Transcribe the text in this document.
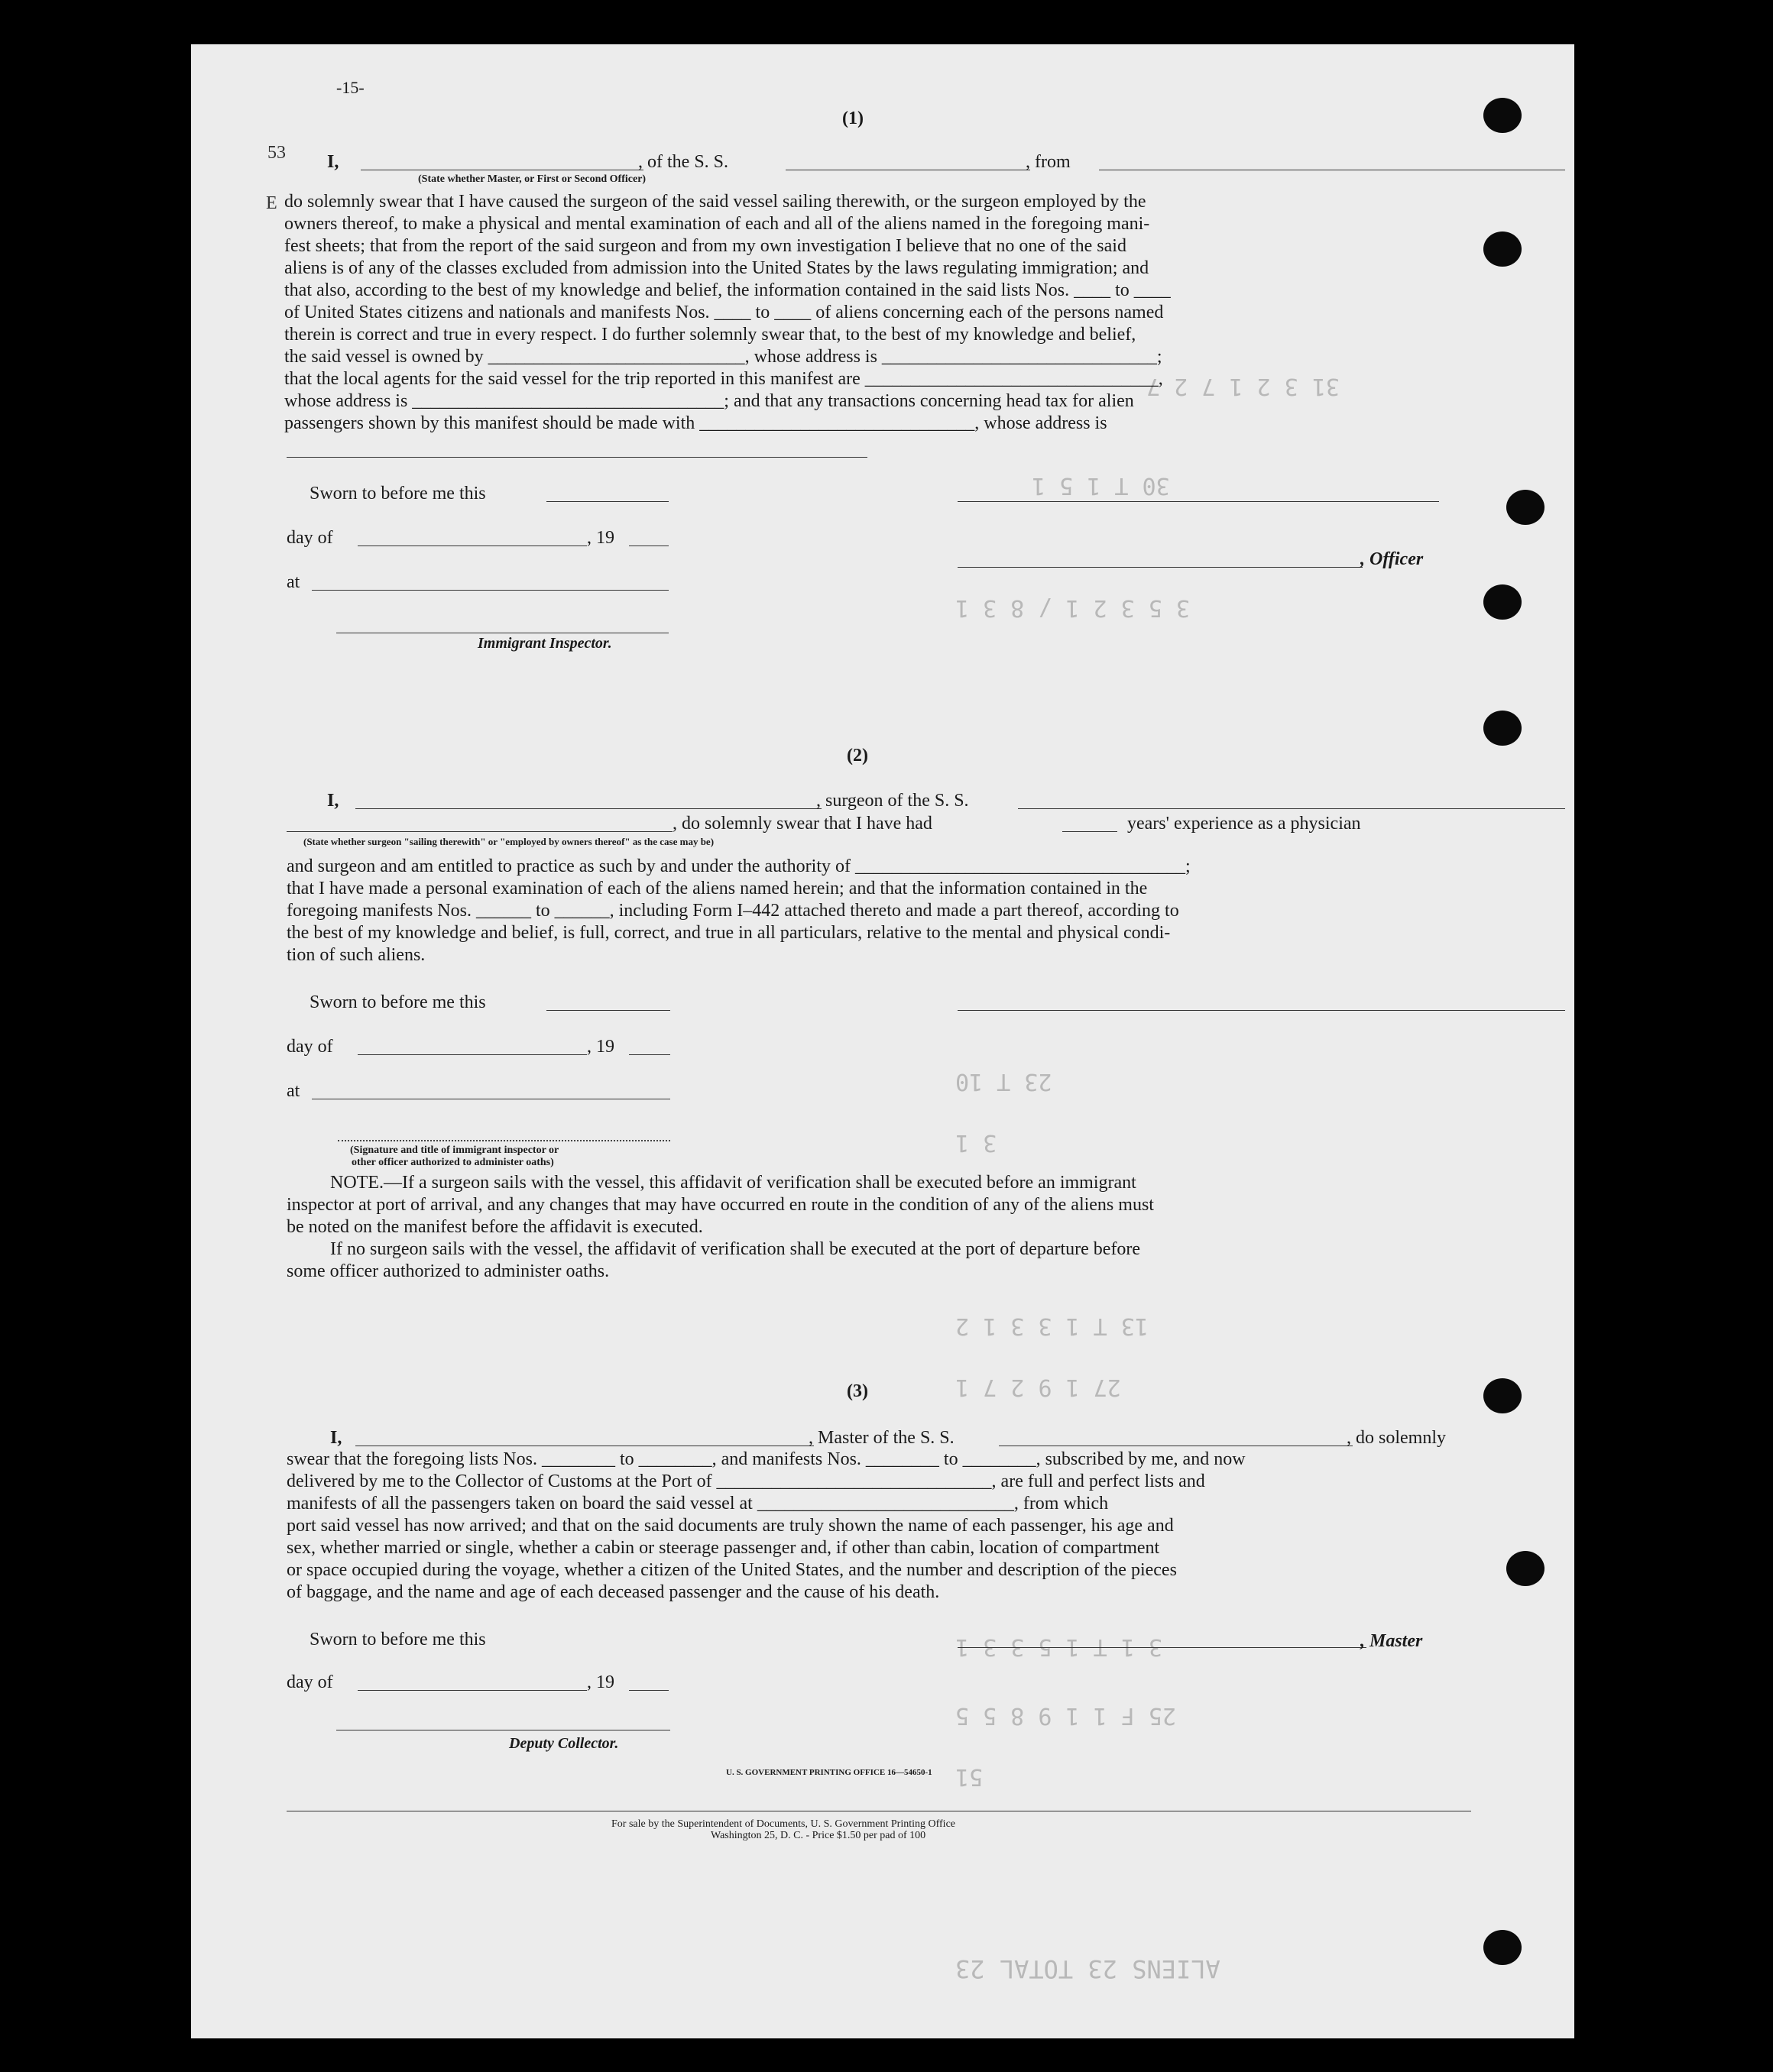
-15-
53
E
31 3 2 1 7 2 7
30 T 1 5 1
3 5 3 2 1 / 8 3 1
23 T 10
3 1
13 T 1 3 3 1 2
27 1 9 2 7 1
3 1 T 1 5 3 3 1
25 F 1 1 9 8 5 5
51
(1)
I,
(State whether Master, or First or Second Officer)
, of the S. S.	, from
do solemnly swear that I have caused the surgeon of the said vessel sailing therewith, or the surgeon employed by the
owners thereof, to make a physical and mental examination of each and all of the aliens named in the foregoing mani-
fest sheets; that from the report of the said surgeon and from my own investigation I believe that no one of the said
aliens is of any of the classes excluded from admission into the United States by the laws regulating immigration; and
that also, according to the best of my knowledge and belief, the information contained in the said lists Nos. ____ to ____
of United States citizens and nationals and manifests Nos. ____ to ____ of aliens concerning each of the persons named
therein is correct and true in every respect. I do further solemnly swear that, to the best of my knowledge and belief,
the said vessel is owned by ____________________________, whose address is ______________________________;
that the local agents for the said vessel for the trip reported in this manifest are ________________________________,
whose address is __________________________________; and that any transactions concerning head tax for alien
passengers shown by this manifest should be made with ______________________________, whose address is
Sworn to before me this
day of	, 19
, Officer
at
Immigrant Inspector.
(2)
I,	, surgeon of the S. S.
, do solemnly swear that I have had	years' experience as a physician
(State whether surgeon "sailing therewith" or "employed by owners thereof" as the case may be)
and surgeon and am entitled to practice as such by and under the authority of ____________________________________;
that I have made a personal examination of each of the aliens named herein; and that the information contained in the
foregoing manifests Nos. ______ to ______, including Form I–442 attached thereto and made a part thereof, according to
the best of my knowledge and belief, is full, correct, and true in all particulars, relative to the mental and physical condi-
tion of such aliens.
Sworn to before me this
day of	, 19
at
(Signature and title of immigrant inspector or
other officer authorized to administer oaths)
NOTE.—If a surgeon sails with the vessel, this affidavit of verification shall be executed before an immigrant
inspector at port of arrival, and any changes that may have occurred en route in the condition of any of the aliens must
be noted on the manifest before the affidavit is executed.
If no surgeon sails with the vessel, the affidavit of verification shall be executed at the port of departure before
some officer authorized to administer oaths.
(3)
I,	, Master of the S. S.	, do solemnly
swear that the foregoing lists Nos. ________ to ________, and manifests Nos. ________ to ________, subscribed by me, and now
delivered by me to the Collector of Customs at the Port of ______________________________, are full and perfect lists and
manifests of all the passengers taken on board the said vessel at ____________________________, from which
port said vessel has now arrived; and that on the said documents are truly shown the name of each passenger, his age and
sex, whether married or single, whether a cabin or steerage passenger and, if other than cabin, location of compartment
or space occupied during the voyage, whether a citizen of the United States, and the number and description of the pieces
of baggage, and the name and age of each deceased passenger and the cause of his death.
Sworn to before me this	, Master
day of	, 19
Deputy Collector.
U. S. GOVERNMENT PRINTING OFFICE 16—54650-1
For sale by the Superintendent of Documents, U. S. Government Printing Office
Washington 25, D. C. - Price $1.50 per pad of 100
ALIENS 23 TOTAL 23
